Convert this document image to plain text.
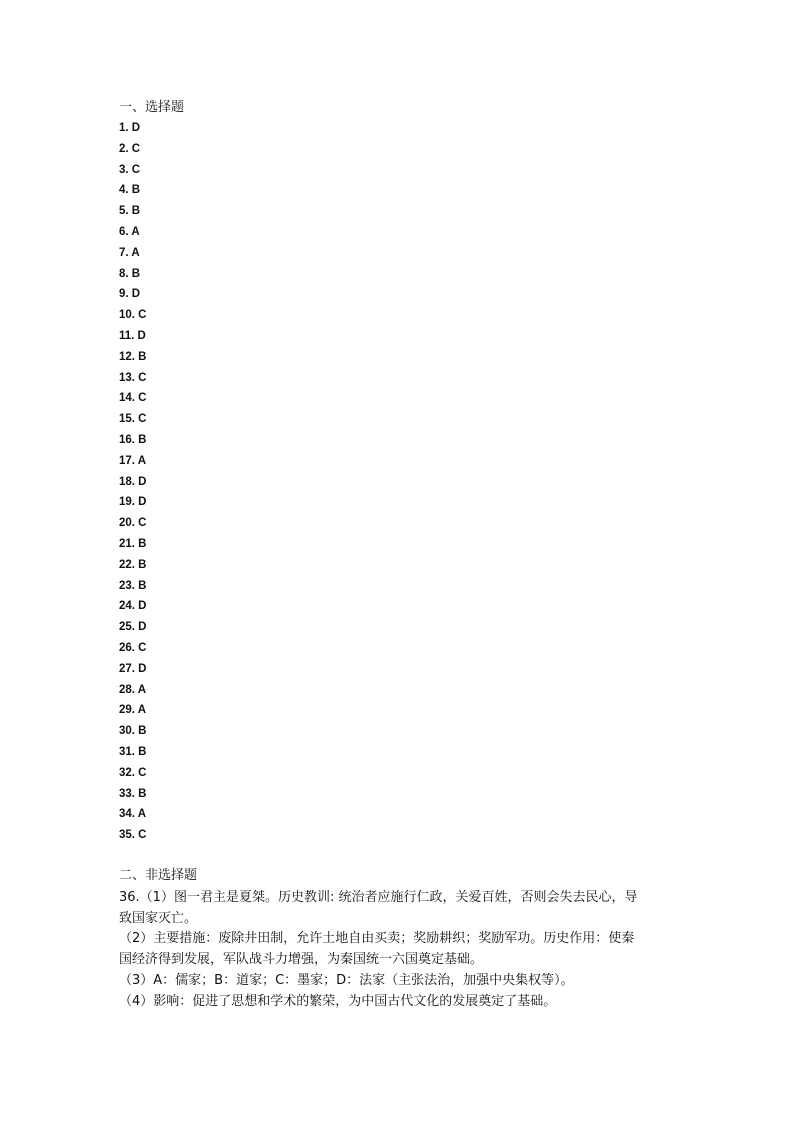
一、选择题
1. D
2. C
3. C
4. B
5. B
6. A
7. A
8. B
9. D
10. C
11. D
12. B
13. C
14. C
15. C
16. B
17. A
18. D
19. D
20. C
21. B
22. B
23. B
24. D
25. D
26. C
27. D
28. A
29. A
30. B
31. B
32. C
33. B
34. A
35. C
二、非选择题
36.（1）图一君主是夏桀。历史教训: 统治者应施行仁政，关爱百姓，否则会失去民心，导
致国家灭亡。
（2）主要措施：废除井田制，允许土地自由买卖；奖励耕织；奖励军功。历史作用：使秦
国经济得到发展，军队战斗力增强，为秦国统一六国奠定基础。
（3）A：儒家；B：道家；C：墨家；D：法家（主张法治，加强中央集权等）。
（4）影响：促进了思想和学术的繁荣，为中国古代文化的发展奠定了基础。
